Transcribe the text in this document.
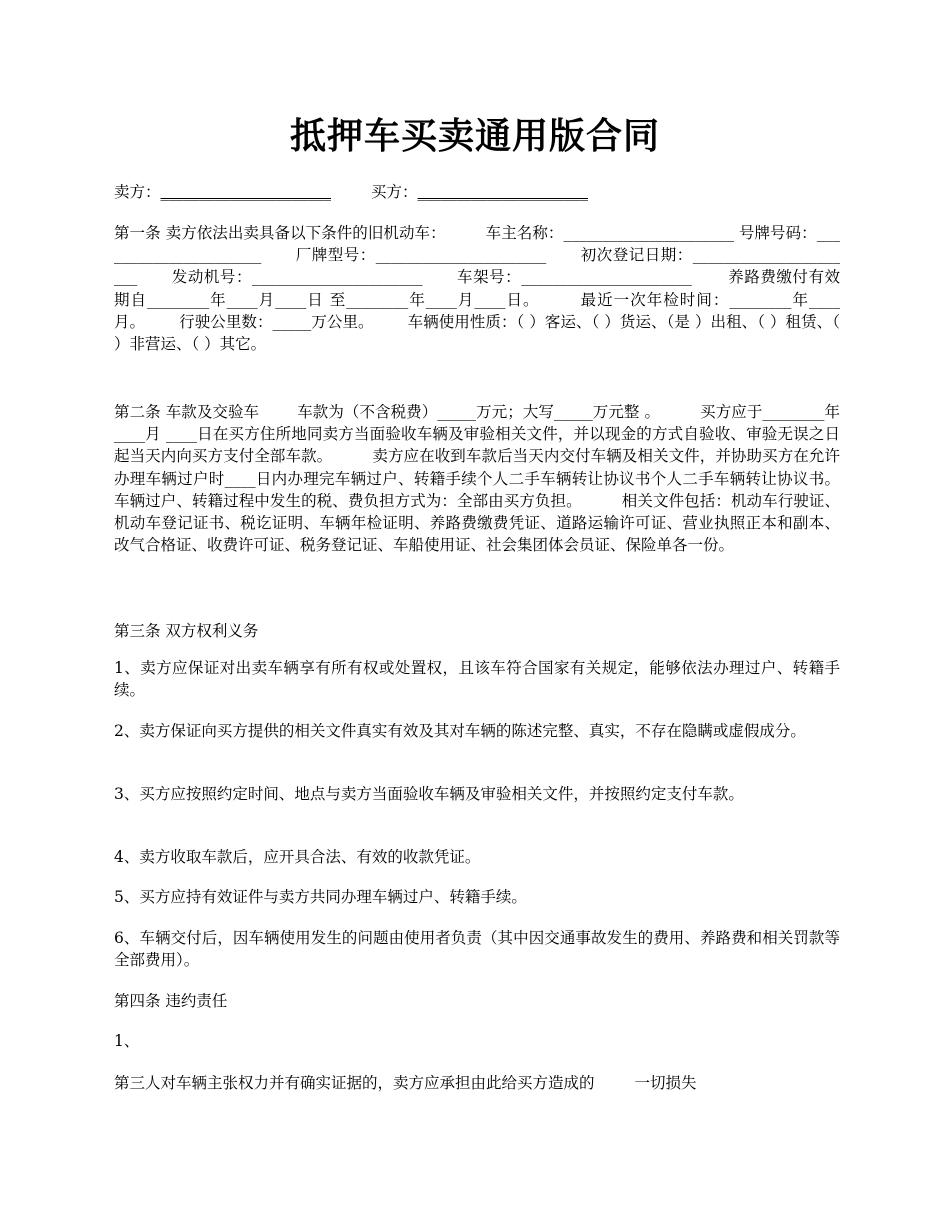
抵押车买卖通用版合同
卖方：______________________	买方：______________________
第一条 卖方依法出卖具备以下条件的旧机动车：	车主名称：______________________ 号牌号码：______________________ 厂牌型号：______________________ 初次登记日期：______________________ 发动机号：______________________ 车架号：______________________ 养路费缴付有效期自________年____月____日 至________年____月____日。	最近一次年检时间：________年____月。 行驶公里数：_____万公里。 车辆使用性质：（ ）客运、（ ）货运、（是 ）出租、（ ）租赁、（ ）非营运、（ ）其它。
第二条 车款及交验车 车款为（不含税费）_____万元；大写_____万元整 。	买方应于________年____月 ____日在买方住所地同卖方当面验收车辆及审验相关文件，并以现金的方式自验收、审验无误之日起当天内向买方支付全部车款。	卖方应在收到车款后当天内交付车辆及相关文件，并协助买方在允许办理车辆过户时____日内办理完车辆过户、转籍手续个人二手车辆转让协议书个人二手车辆转让协议书。车辆过户、转籍过程中发生的税、费负担方式为：全部由买方负担。	相关文件包括：机动车行驶证、机动车登记证书、税讫证明、车辆年检证明、养路费缴费凭证、道路运输许可证、营业执照正本和副本、改气合格证、收费许可证、税务登记证、车船使用证、社会集团体会员证、保险单各一份。
第三条 双方权利义务
1、卖方应保证对出卖车辆享有所有权或处置权，且该车符合国家有关规定，能够依法办理过户、转籍手续。
2、卖方保证向买方提供的相关文件真实有效及其对车辆的陈述完整、真实，不存在隐瞒或虚假成分。
3、买方应按照约定时间、地点与卖方当面验收车辆及审验相关文件，并按照约定支付车款。
4、卖方收取车款后，应开具合法、有效的收款凭证。
5、买方应持有效证件与卖方共同办理车辆过户、转籍手续。
6、车辆交付后，因车辆使用发生的问题由使用者负责（其中因交通事故发生的费用、养路费和相关罚款等全部费用）。
第四条 违约责任
1、
第三人对车辆主张权力并有确实证据的，卖方应承担由此给买方造成的	一切损失
